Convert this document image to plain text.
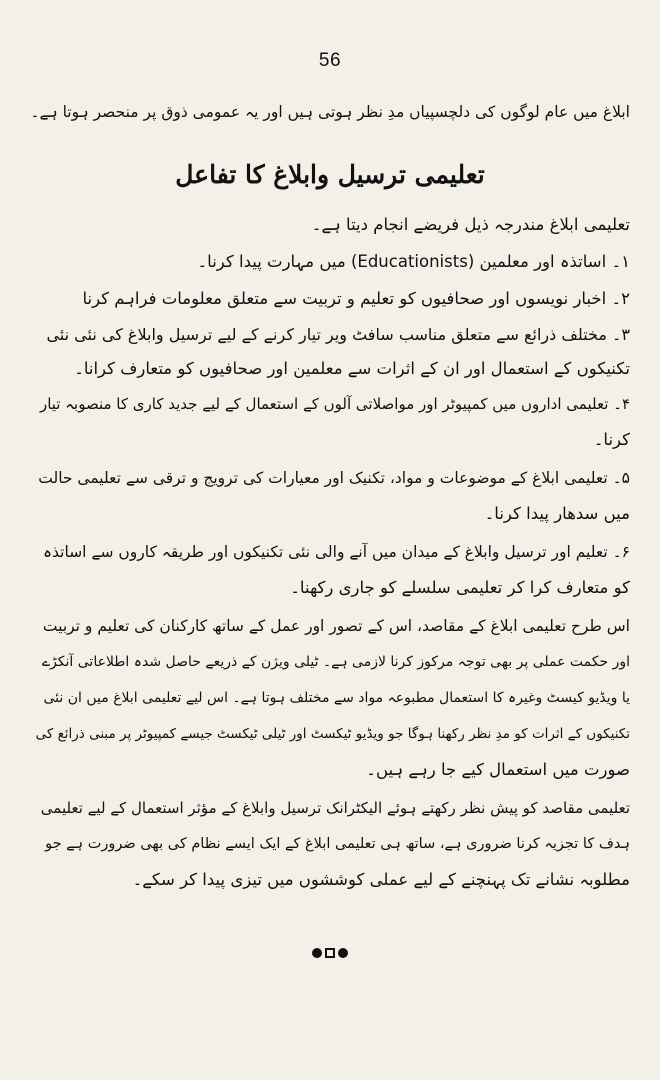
56
ابلاغ میں عام لوگوں کی دلچسپیاں مدِ نظر ہوتی ہیں اور یہ عمومی ذوق پر منحصر ہوتا ہے۔
تعلیمی ترسیل وابلاغ کا تفاعل
تعلیمی ابلاغ مندرجہ ذیل فریضے انجام دیتا ہے۔
۱۔ اساتذہ اور معلمین (Educationists) میں مہارت پیدا کرنا۔
۲۔ اخبار نویسوں اور صحافیوں کو تعلیم و تربیت سے متعلق معلومات فراہم کرنا
۳۔ مختلف ذرائع سے متعلق مناسب سافٹ ویر تیار کرنے کے لیے ترسیل وابلاغ کی نئی نئی
تکنیکوں کے استعمال اور ان کے اثرات سے معلمین اور صحافیوں کو متعارف کرانا۔
۴۔ تعلیمی اداروں میں کمپیوٹر اور مواصلاتی آلوں کے استعمال کے لیے جدید کاری کا منصوبہ تیار
کرنا۔
۵۔ تعلیمی ابلاغ کے موضوعات و مواد، تکنیک اور معیارات کی ترویج و ترقی سے تعلیمی حالت
میں سدھار پیدا کرنا۔
۶۔ تعلیم اور ترسیل وابلاغ کے میدان میں آنے والی نئی تکنیکوں اور طریقہ کاروں سے اساتذہ
کو متعارف کرا کر تعلیمی سلسلے کو جاری رکھنا۔
اس طرح تعلیمی ابلاغ کے مقاصد، اس کے تصور اور عمل کے ساتھ کارکنان کی تعلیم و تربیت
اور حکمت عملی پر بھی توجہ مرکوز کرنا لازمی ہے۔ ٹیلی ویژن کے ذریعے حاصل شدہ اطلاعاتی آنکڑے
یا ویڈیو کیسٹ وغیرہ کا استعمال مطبوعہ مواد سے مختلف ہوتا ہے۔ اس لیے تعلیمی ابلاغ میں ان نئی
تکنیکوں کے اثرات کو مدِ نظر رکھنا ہوگا جو ویڈیو ٹیکسٹ اور ٹیلی ٹیکسٹ جیسے کمپیوٹر پر مبنی ذرائع کی
صورت میں استعمال کیے جا رہے ہیں۔
تعلیمی مقاصد کو پیش نظر رکھتے ہوئے الیکٹرانک ترسیل وابلاغ کے مؤثر استعمال کے لیے تعلیمی
ہدف کا تجزیہ کرنا ضروری ہے، ساتھ ہی تعلیمی ابلاغ کے ایک ایسے نظام کی بھی ضرورت ہے جو
مطلوبہ نشانے تک پہنچنے کے لیے عملی کوششوں میں تیزی پیدا کر سکے۔
